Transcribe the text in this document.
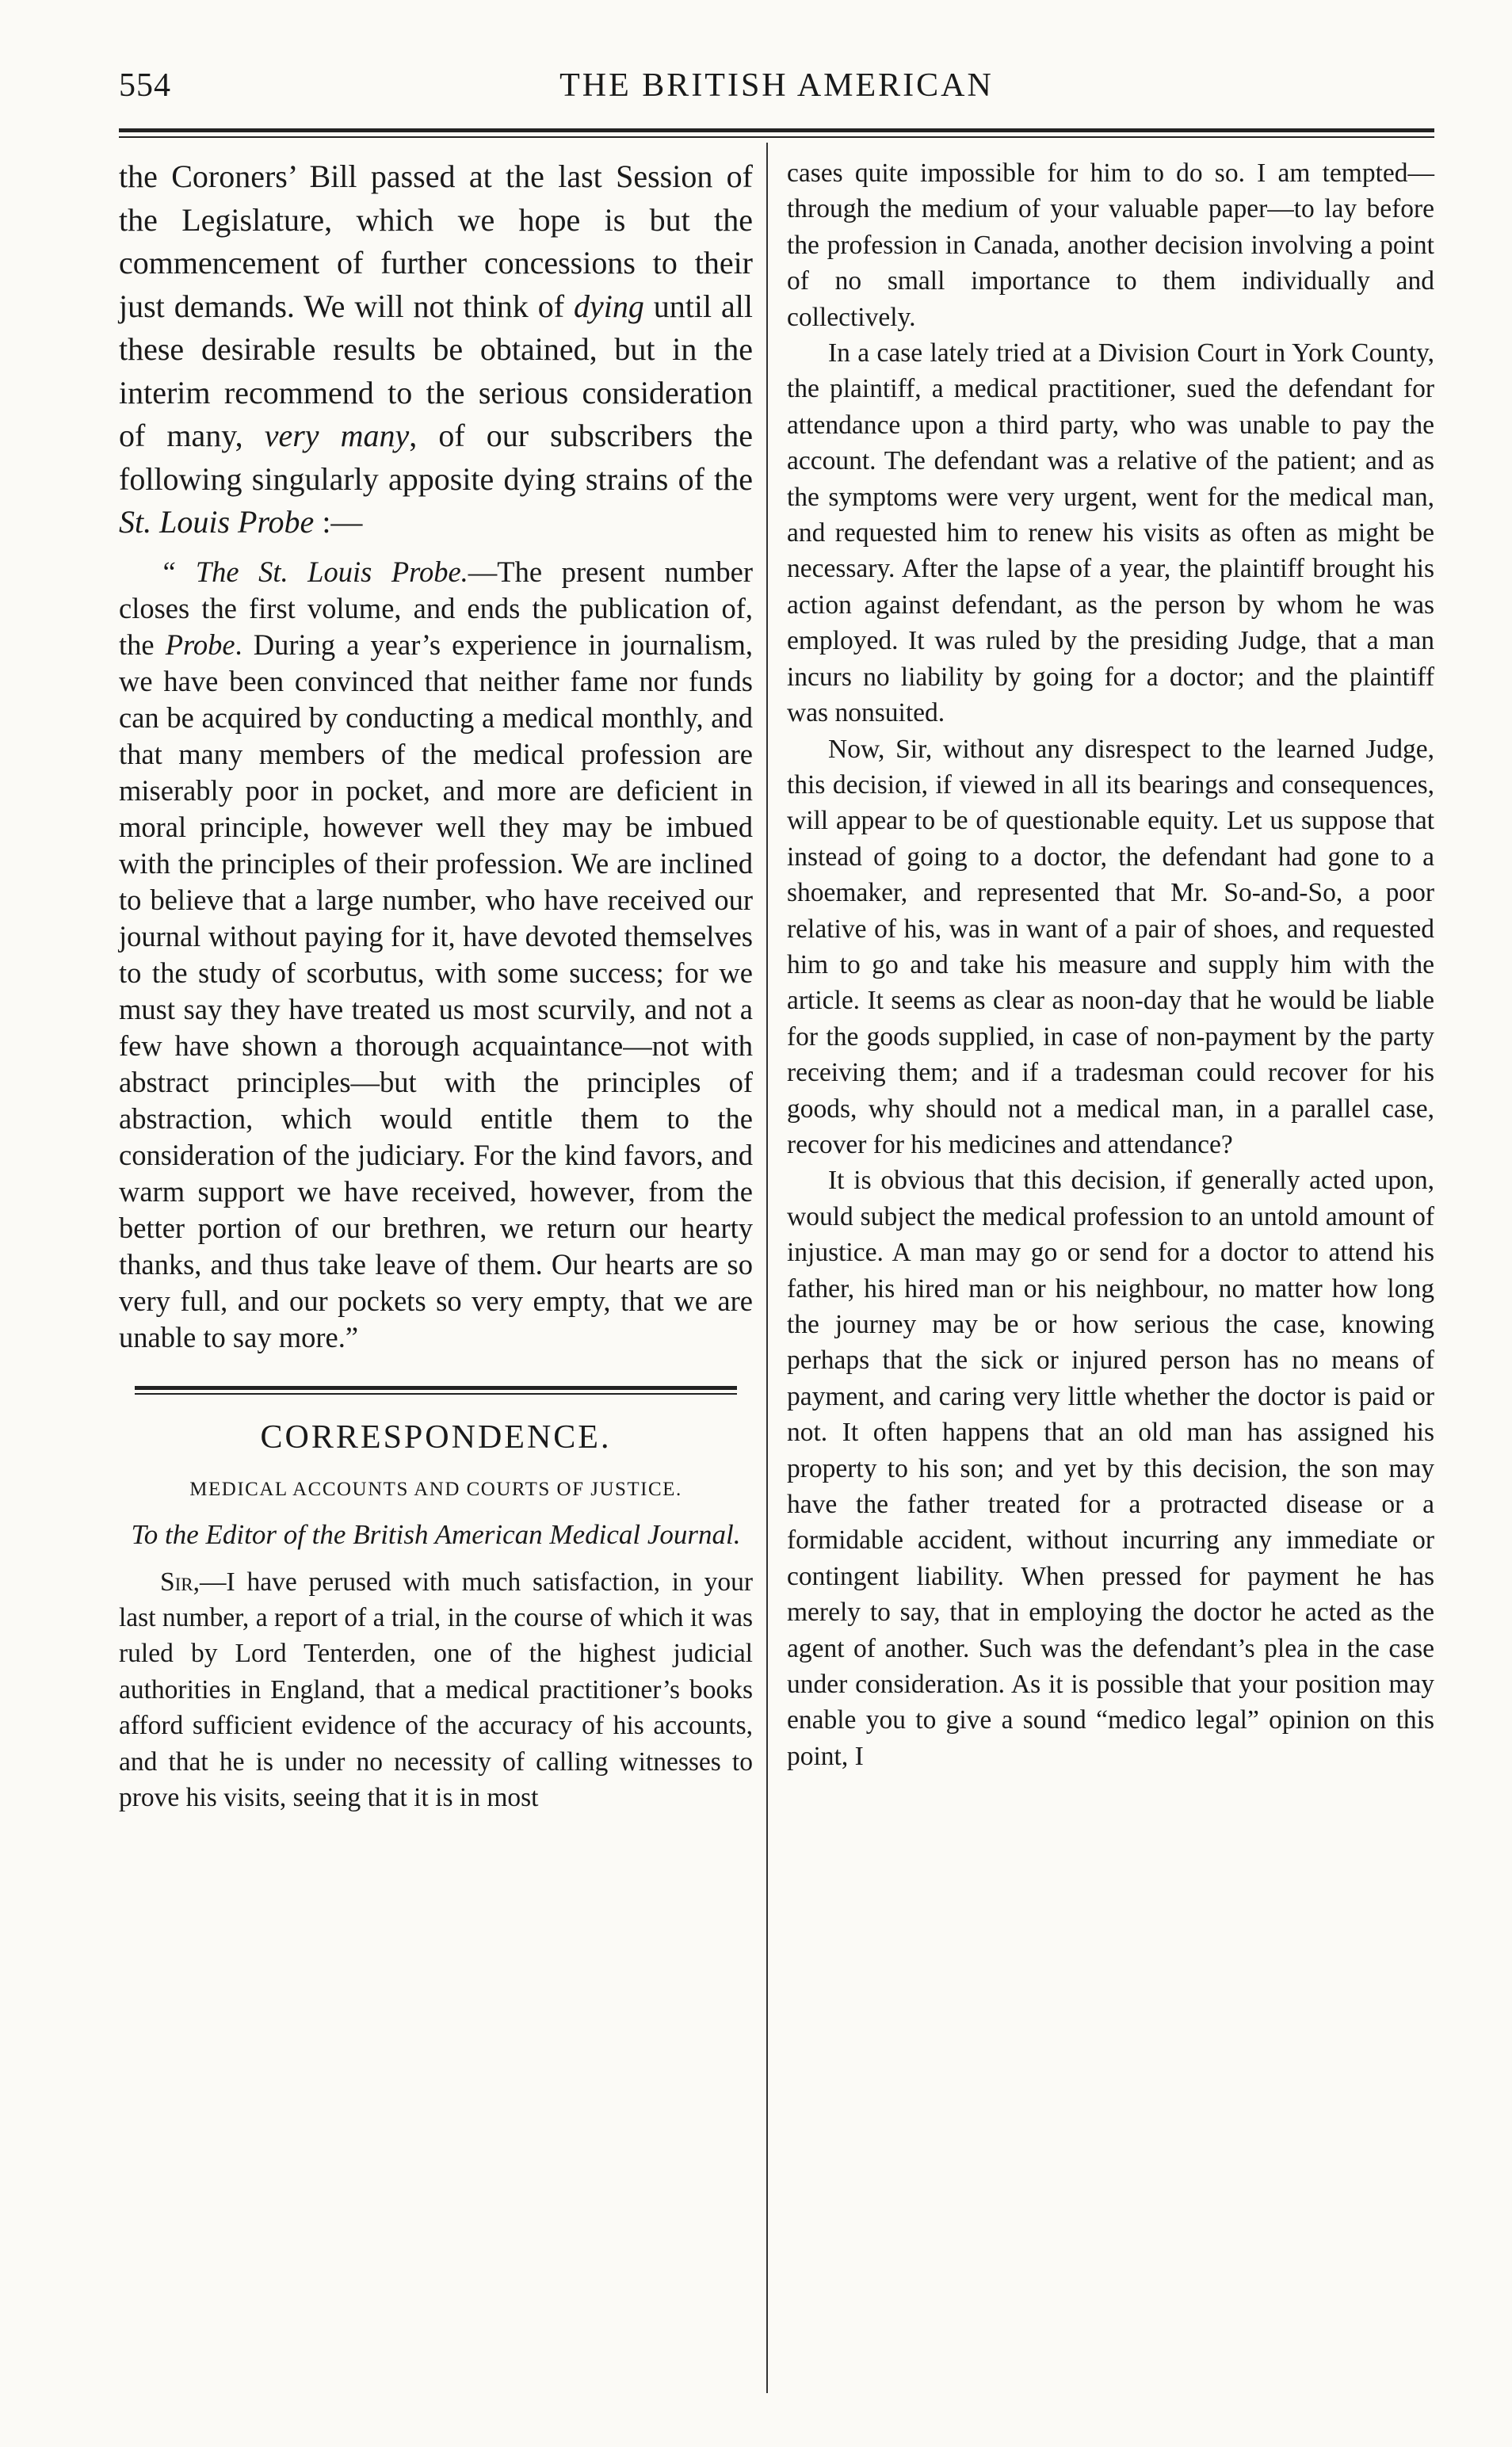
554	THE BRITISH AMERICAN

the Coroners’ Bill passed at the last Session of the Legislature, which we hope is but the commencement of further concessions to their just demands. We will not think of dying until all these desirable results be obtained, but in the interim recommend to the serious consideration of many, very many, of our subscribers the following singularly apposite dying strains of the St. Louis Probe :—

“ The St. Louis Probe.—The present number closes the first volume, and ends the publication of, the Probe. During a year’s experience in journalism, we have been convinced that neither fame nor funds can be acquired by conducting a medical monthly, and that many members of the medical profession are miserably poor in pocket, and more are deficient in moral principle, however well they may be imbued with the principles of their profession. We are inclined to believe that a large number, who have received our journal without paying for it, have devoted themselves to the study of scorbutus, with some success; for we must say they have treated us most scurvily, and not a few have shown a thorough acquaintance—not with abstract principles—but with the principles of abstraction, which would entitle them to the consideration of the judiciary. For the kind favors, and warm support we have received, however, from the better portion of our brethren, we return our hearty thanks, and thus take leave of them. Our hearts are so very full, and our pockets so very empty, that we are unable to say more.”

CORRESPONDENCE.

MEDICAL ACCOUNTS AND COURTS OF JUSTICE.

To the Editor of the British American Medical Journal.

Sir,—I have perused with much satisfaction, in your last number, a report of a trial, in the course of which it was ruled by Lord Tenterden, one of the highest judicial authorities in England, that a medical practitioner’s books afford sufficient evidence of the accuracy of his accounts, and that he is under no necessity of calling witnesses to prove his visits, seeing that it is in most

cases quite impossible for him to do so. I am tempted—through the medium of your valuable paper—to lay before the profession in Canada, another decision involving a point of no small importance to them individually and collectively.

In a case lately tried at a Division Court in York County, the plaintiff, a medical practitioner, sued the defendant for attendance upon a third party, who was unable to pay the account. The defendant was a relative of the patient; and as the symptoms were very urgent, went for the medical man, and requested him to renew his visits as often as might be necessary. After the lapse of a year, the plaintiff brought his action against defendant, as the person by whom he was employed. It was ruled by the presiding Judge, that a man incurs no liability by going for a doctor; and the plaintiff was nonsuited.

Now, Sir, without any disrespect to the learned Judge, this decision, if viewed in all its bearings and consequences, will appear to be of questionable equity. Let us suppose that instead of going to a doctor, the defendant had gone to a shoemaker, and represented that Mr. So-and-So, a poor relative of his, was in want of a pair of shoes, and requested him to go and take his measure and supply him with the article. It seems as clear as noon-day that he would be liable for the goods supplied, in case of non-payment by the party receiving them; and if a tradesman could recover for his goods, why should not a medical man, in a parallel case, recover for his medicines and attendance?

It is obvious that this decision, if generally acted upon, would subject the medical profession to an untold amount of injustice. A man may go or send for a doctor to attend his father, his hired man or his neighbour, no matter how long the journey may be or how serious the case, knowing perhaps that the sick or injured person has no means of payment, and caring very little whether the doctor is paid or not. It often happens that an old man has assigned his property to his son; and yet by this decision, the son may have the father treated for a protracted disease or a formidable accident, without incurring any immediate or contingent liability. When pressed for payment he has merely to say, that in employing the doctor he acted as the agent of another. Such was the defendant’s plea in the case under consideration. As it is possible that your position may enable you to give a sound “medico legal” opinion on this point, I
